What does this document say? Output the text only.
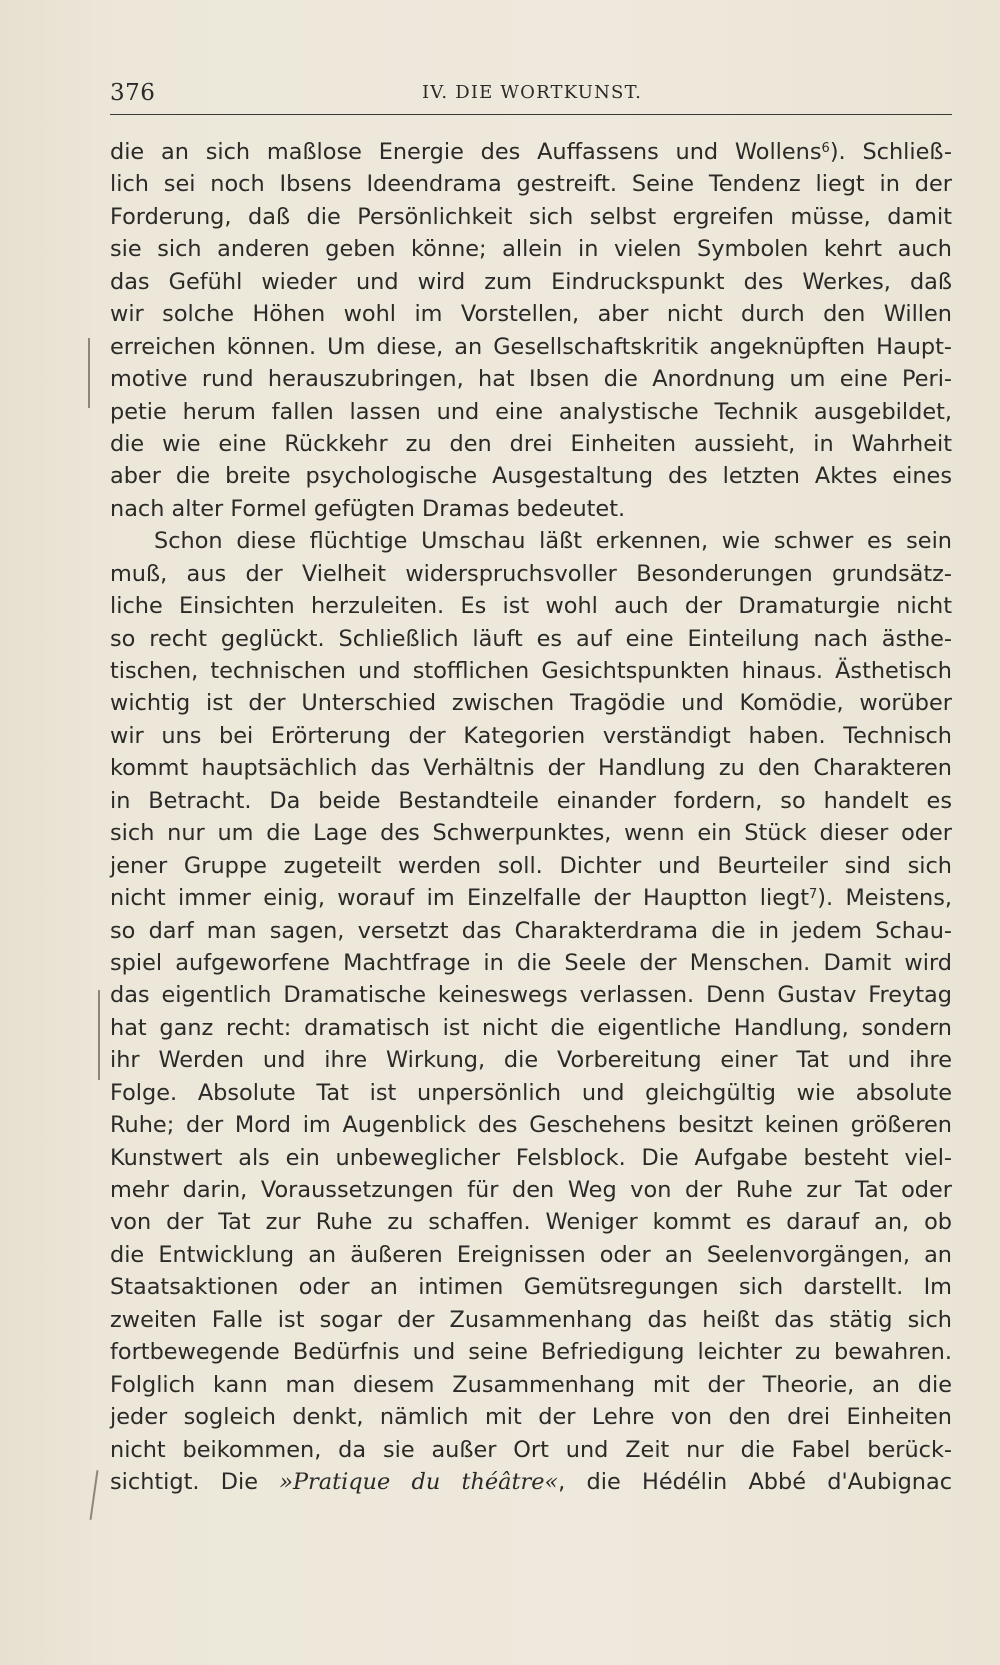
376	IV. DIE WORTKUNST.
die an sich maßlose Energie des Auffassens und Wollens$^6$). Schließ-
lich sei noch Ibsens Ideendrama gestreift. Seine Tendenz liegt in der
Forderung, daß die Persönlichkeit sich selbst ergreifen müsse, damit
sie sich anderen geben könne; allein in vielen Symbolen kehrt auch
das Gefühl wieder und wird zum Eindruckspunkt des Werkes, daß
wir solche Höhen wohl im Vorstellen, aber nicht durch den Willen
erreichen können. Um diese, an Gesellschaftskritik angeknüpften Haupt-
motive rund herauszubringen, hat Ibsen die Anordnung um eine Peri-
petie herum fallen lassen und eine analystische Technik ausgebildet,
die wie eine Rückkehr zu den drei Einheiten aussieht, in Wahrheit
aber die breite psychologische Ausgestaltung des letzten Aktes eines
nach alter Formel gefügten Dramas bedeutet.
Schon diese flüchtige Umschau läßt erkennen, wie schwer es sein
muß, aus der Vielheit widerspruchsvoller Besonderungen grundsätz-
liche Einsichten herzuleiten. Es ist wohl auch der Dramaturgie nicht
so recht geglückt. Schließlich läuft es auf eine Einteilung nach ästhe-
tischen, technischen und stofflichen Gesichtspunkten hinaus. Ästhetisch
wichtig ist der Unterschied zwischen Tragödie und Komödie, worüber
wir uns bei Erörterung der Kategorien verständigt haben. Technisch
kommt hauptsächlich das Verhältnis der Handlung zu den Charakteren
in Betracht. Da beide Bestandteile einander fordern, so handelt es
sich nur um die Lage des Schwerpunktes, wenn ein Stück dieser oder
jener Gruppe zugeteilt werden soll. Dichter und Beurteiler sind sich
nicht immer einig, worauf im Einzelfalle der Hauptton liegt$^7$). Meistens,
so darf man sagen, versetzt das Charakterdrama die in jedem Schau-
spiel aufgeworfene Machtfrage in die Seele der Menschen. Damit wird
das eigentlich Dramatische keineswegs verlassen. Denn Gustav Freytag
hat ganz recht: dramatisch ist nicht die eigentliche Handlung, sondern
ihr Werden und ihre Wirkung, die Vorbereitung einer Tat und ihre
Folge. Absolute Tat ist unpersönlich und gleichgültig wie absolute
Ruhe; der Mord im Augenblick des Geschehens besitzt keinen größeren
Kunstwert als ein unbeweglicher Felsblock. Die Aufgabe besteht viel-
mehr darin, Voraussetzungen für den Weg von der Ruhe zur Tat oder
von der Tat zur Ruhe zu schaffen. Weniger kommt es darauf an, ob
die Entwicklung an äußeren Ereignissen oder an Seelenvorgängen, an
Staatsaktionen oder an intimen Gemütsregungen sich darstellt. Im
zweiten Falle ist sogar der Zusammenhang das heißt das stätig sich
fortbewegende Bedürfnis und seine Befriedigung leichter zu bewahren.
Folglich kann man diesem Zusammenhang mit der Theorie, an die
jeder sogleich denkt, nämlich mit der Lehre von den drei Einheiten
nicht beikommen, da sie außer Ort und Zeit nur die Fabel berück-
sichtigt. Die »Pratique du théâtre«, die Hédélin Abbé d'Aubignac
